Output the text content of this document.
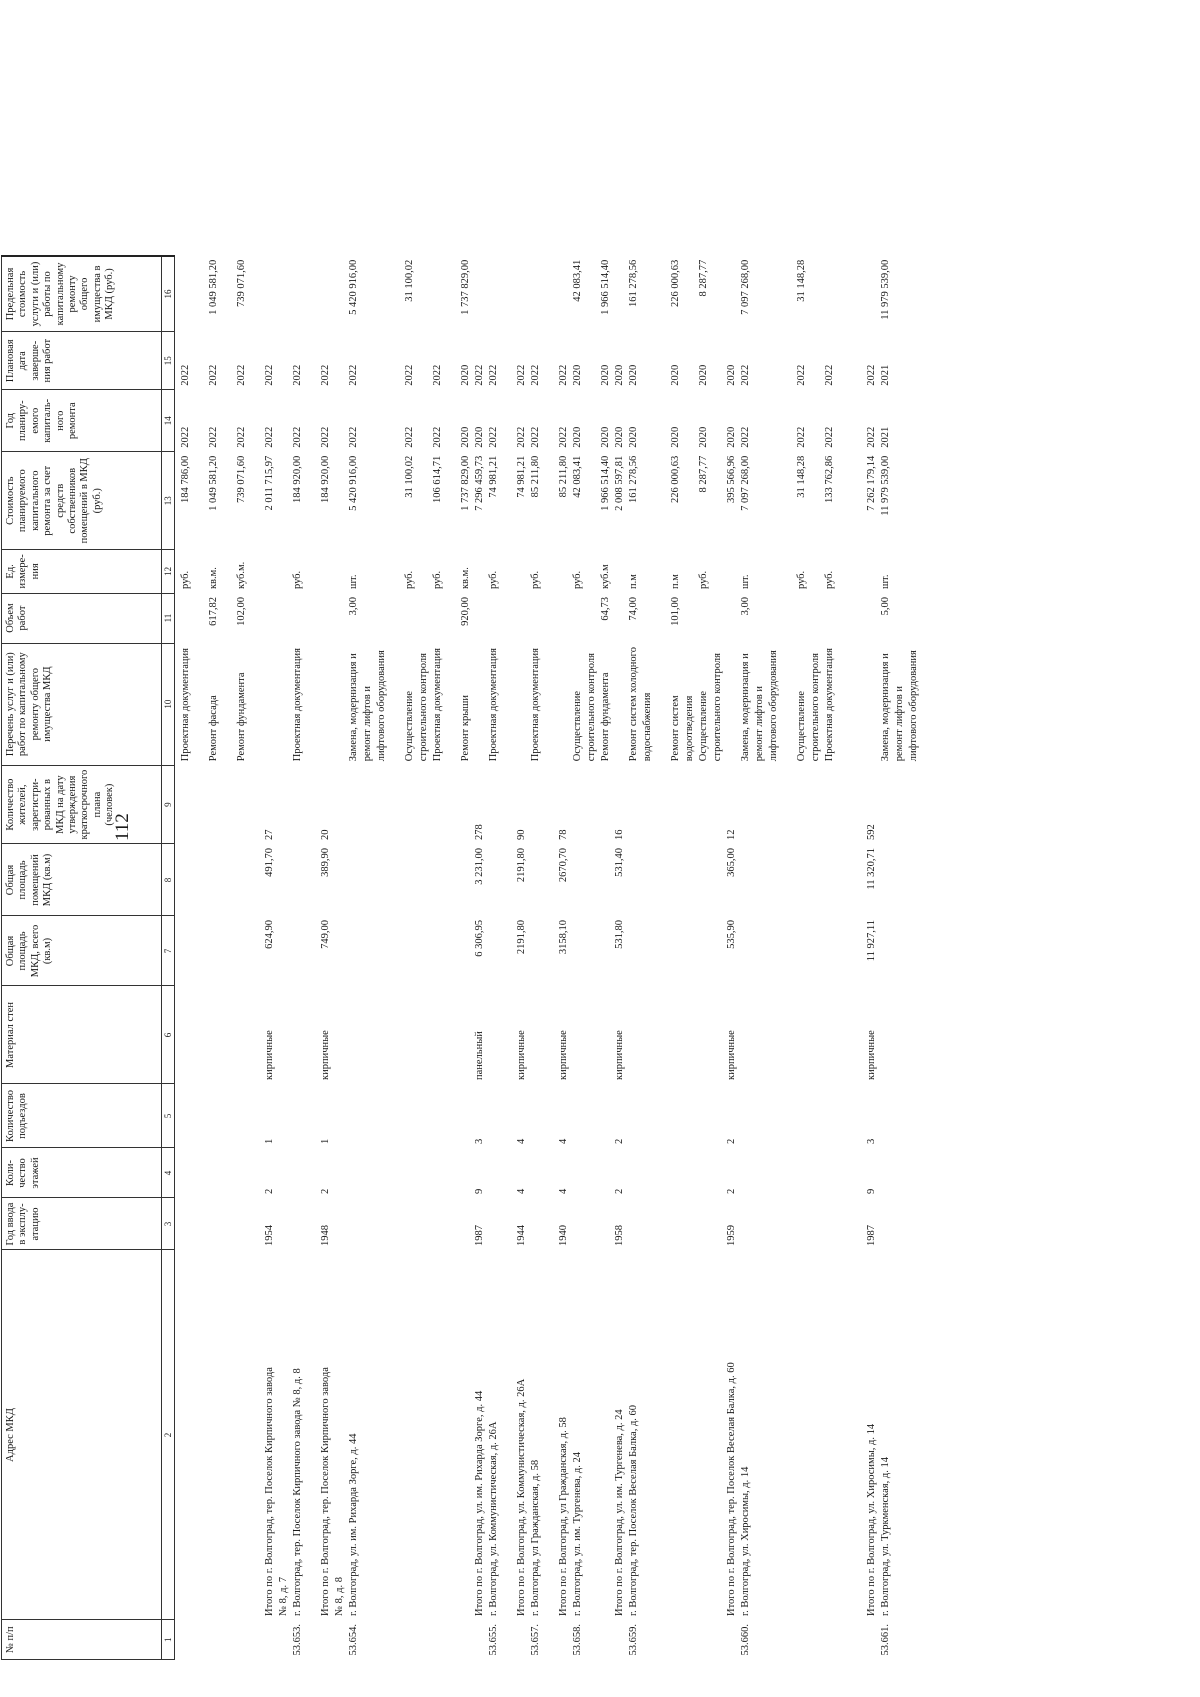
112
№ п/п	Адрес МКД	Год ввода в эксплу-атацию	Коли-чество этажей	Количество подъездов	Материал стен	Общая площадь МКД, всего (кв.м)	Общая площадь помещений МКД (кв.м)	Количество жителей, зарегистри-рованных в МКД на дату утверждения краткосрочного плана (человек)	Перечень услуг и (или) работ по капитальному ремонту общего имущества МКД	Объем работ	Ед. измере-ния	Стоимость планируемого капитального ремонта за счет средств собственников помещений в МКД (руб.)	Год планиру-емого капиталь-ного ремонта	Плановая дата заверше-ния работ	Предельная стоимость услуги и (или) работы по капитальному ремонту общего имущества в МКД (руб.)
1	2	3	4	5	6	7	8	9	10	11	12	13	14	15	16

									Проектная документация		руб.	184 786,00	2022	2022	

									Ремонт фасада	617,82	кв.м.	1 049 581,20	2022	2022	1 049 581,20

									Ремонт фундамента	102,00	куб.м.	739 071,60	2022	2022	739 071,60

	Итого по г. Волгоград, тер. Поселок Кирпичного завода	1954	2	1	кирпичные	624,90	491,70	27				2 011 715,97	2022	2022	
	№ 8, д. 7														
53.653.	г. Волгоград, тер. Поселок Кирпичного завода № 8, д. 8								Проектная документация		руб.	184 920,00	2022	2022	

	Итого по г. Волгоград, тер. Поселок Кирпичного завода	1948	2	1	кирпичные	749,00	389,90	20				184 920,00	2022	2022	
	№ 8, д. 8														
53.654.	г. Волгоград, ул. им. Рихарда Зорге, д. 44								Замена, модернизация и	3,00	шт.	5 420 916,00	2022	2022	5 420 916,00
									ремонт лифтов и						
									лифтового оборудования						

									Осуществление		руб.	31 100,02	2022	2022	31 100,02
									строительного контроля						
									Проектная документация		руб.	106 614,71	2022	2022	

									Ремонт крыши	920,00	кв.м.	1 737 829,00	2020	2020	1 737 829,00
	Итого по г. Волгоград, ул. им. Рихарда Зорге, д. 44	1987	9	3	панельный	6 306,95	3 231,00	278				7 296 459,73	2020	2022	
53.655.	г. Волгоград, ул. Коммунистическая, д. 26А								Проектная документация		руб.	74 981,21	2022	2022	

	Итого по г. Волгоград, ул. Коммунистическая, д. 26А	1944	4	4	кирпичные	2191,80	2191,80	90				74 981,21	2022	2022	
53.657.	г. Волгоград, ул Гражданская, д. 58								Проектная документация		руб.	85 211,80	2022	2022	

	Итого по г. Волгоград, ул Гражданская, д. 58	1940	4	4	кирпичные	3158,10	2670,70	78				85 211,80	2022	2022	
53.658.	г. Волгоград, ул. им. Тургенева, д. 24								Осуществление		руб.	42 083,41	2020	2020	42 083,41
									строительного контроля						
									Ремонт фундамента	64,73	куб.м	1 966 514,40	2020	2020	1 966 514,40
	Итого по г. Волгоград, ул. им. Тургенева, д. 24	1958	2	2	кирпичные	531,80	531,40	16				2 008 597,81	2020	2020	
53.659.	г. Волгоград, тер. Поселок Веселая Балка, д. 60								Ремонт систем холодного	74,00	п.м	161 278,56	2020	2020	161 278,56
									водоснабжения						

									Ремонт систем	101,00	п.м	226 000,63	2020	2020	226 000,63
									водоотведения						
									Осуществление		руб.	8 287,77	2020	2020	8 287,77
									строительного контроля						
	Итого по г. Волгоград, тер. Поселок Веселая Балка, д. 60	1959	2	2	кирпичные	535,90	365,00	12				395 566,96	2020	2020	
53.660.	г. Волгоград, ул. Хиросимы, д. 14								Замена, модернизация и	3,00	шт.	7 097 268,00	2022	2022	7 097 268,00
									ремонт лифтов и						
									лифтового оборудования						

									Осуществление		руб.	31 148,28	2022	2022	31 148,28
									строительного контроля						
									Проектная документация		руб.	133 762,86	2022	2022	

	Итого по г. Волгоград, ул. Хиросимы, д. 14	1987	9	3	кирпичные	11 927,11	11 320,71	592				7 262 179,14	2022	2022	
53.661.	г. Волгоград, ул. Туркменская, д. 14								Замена, модернизация и	5,00	шт.	11 979 539,00	2021	2021	11 979 539,00
									ремонт лифтов и						
									лифтового оборудования						
